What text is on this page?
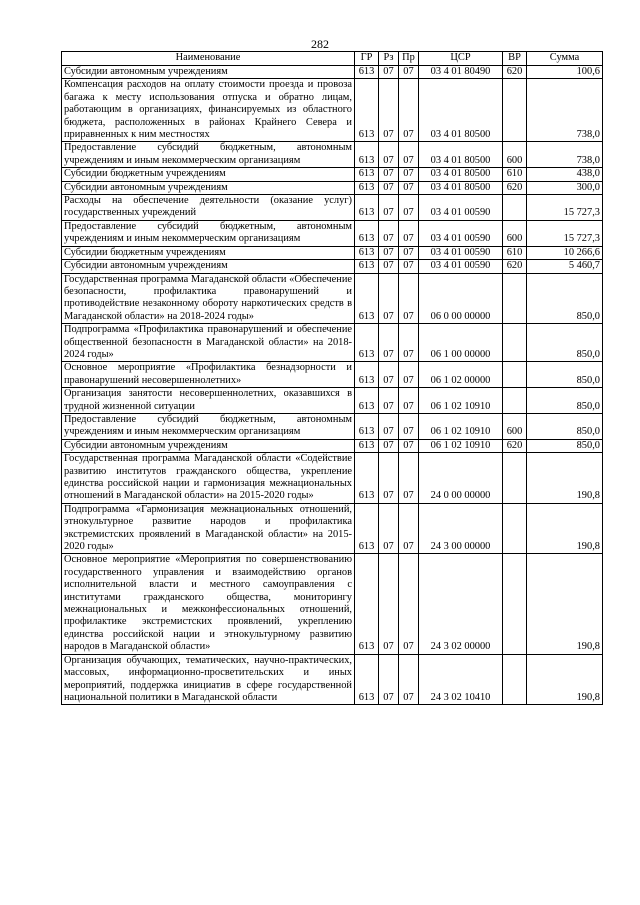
282
Наименование	ГР	Рз	Пр	ЦСР	ВР	Сумма
Субсидии автономным учреждениям	613	07	07	03 4 01 80490	620	100,6
Компенсация расходов на оплату стоимости проезда и провоза багажа к месту использования отпуска и обратно лицам, работающим в организациях, финансируемых из областного бюджета, расположенных в районах Крайнего Севера и приравненных к ним местностях	613	07	07	03 4 01 80500		738,0
Предоставление субсидий бюджетным, автономным учреждениям и иным некоммерческим организациям	613	07	07	03 4 01 80500	600	738,0
Субсидии бюджетным учреждениям	613	07	07	03 4 01 80500	610	438,0
Субсидии автономным учреждениям	613	07	07	03 4 01 80500	620	300,0
Расходы на обеспечение деятельности (оказание услуг) государственных учреждений	613	07	07	03 4 01 00590		15 727,3
Предоставление субсидий бюджетным, автономным учреждениям и иным некоммерческим организациям	613	07	07	03 4 01 00590	600	15 727,3
Субсидии бюджетным учреждениям	613	07	07	03 4 01 00590	610	10 266,6
Субсидии автономным учреждениям	613	07	07	03 4 01 00590	620	5 460,7
Государственная программа Магаданской области «Обеспечение безопасности, профилактика правонарушений и противодействие незаконному обороту наркотических средств в Магаданской области» на 2018-2024 годы»	613	07	07	06 0 00 00000		850,0
Подпрограмма «Профилактика правонарушений и обеспечение общественной безопасностн в Магаданской области» на 2018-2024 годы»	613	07	07	06 1 00 00000		850,0
Основное мероприятие «Профилактика безнадзорности и правонарушений несовершеннолетних»	613	07	07	06 1 02 00000		850,0
Организация занятости несовершеннолетних, оказавшихся в трудной жизненной ситуации	613	07	07	06 1 02 10910		850,0
Предоставление субсидий бюджетным, автономным учреждениям и иным некоммерческим организациям	613	07	07	06 1 02 10910	600	850,0
Субсидии автономным учреждениям	613	07	07	06 1 02 10910	620	850,0
Государственная программа Магаданской области «Содействие развитию институтов гражданского общества, укрепление единства российской нации и гармонизация межнациональных отношений в Магаданской области» на 2015-2020 годы»	613	07	07	24 0 00 00000		190,8
Подпрограмма «Гармонизация межнациональных отношений, этнокультурное развитие народов и профилактика экстремистских проявлений в Магаданской области» на 2015-2020 годы»	613	07	07	24 3 00 00000		190,8
Основное мероприятие «Мероприятия по совершенствованию государственного управления и взаимодействию органов исполнительной власти и местного самоуправления с институтами гражданского общества, мониторингу межнациональных и межконфессиональных отношений, профилактике экстремистских проявлений, укреплению единства российской нации и этнокультурному развитию народов в Магаданской области»	613	07	07	24 3 02 00000		190,8
Организация обучающих, тематических, научно-практических, массовых, информационно-просветительских и иных мероприятий, поддержка инициатив в сфере государственной национальной политики в Магаданской области	613	07	07	24 3 02 10410		190,8
